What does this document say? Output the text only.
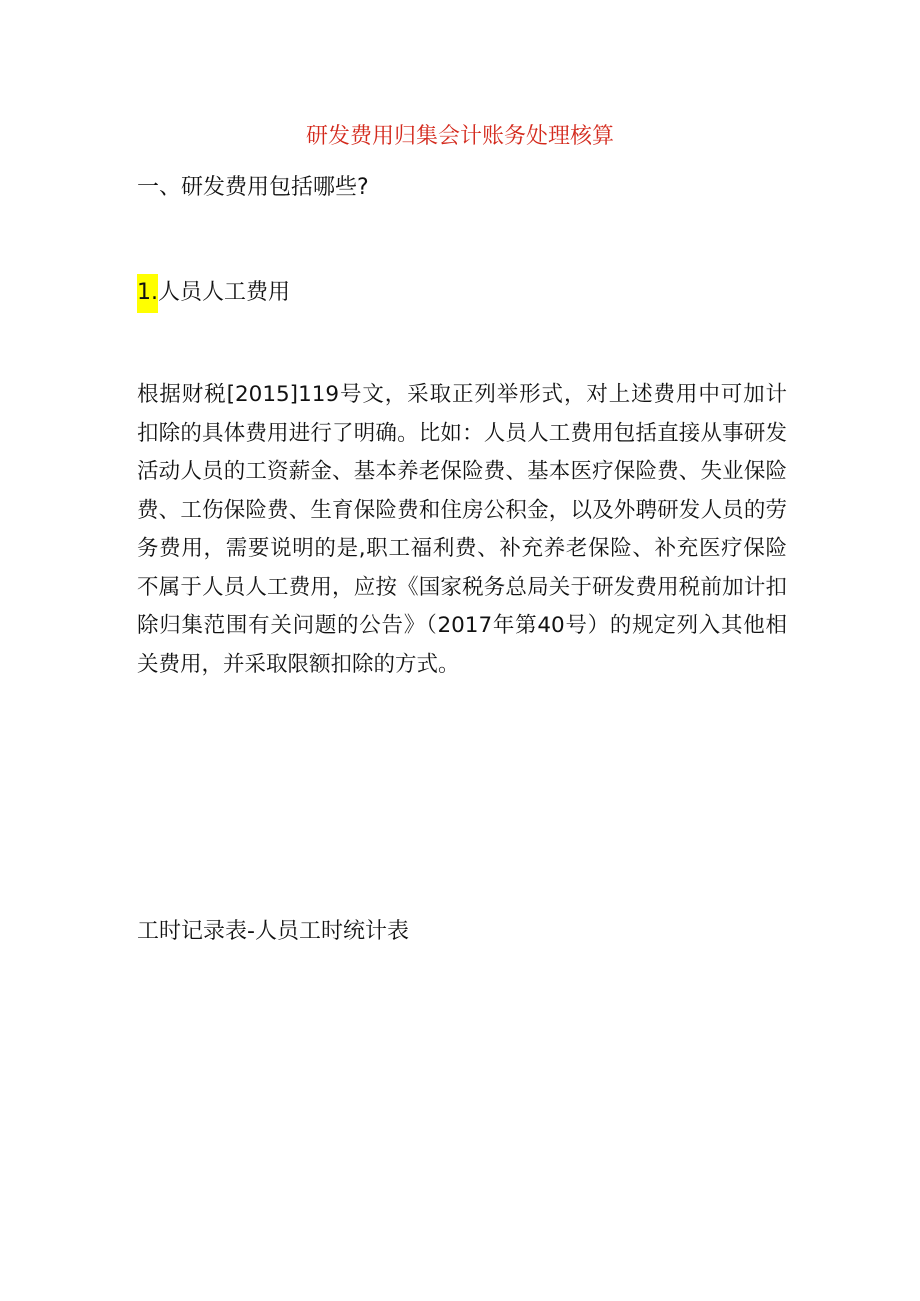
研发费用归集会计账务处理核算
一、研发费用包括哪些?
1.人员人工费用

根据财税[2015]119号文，采取正列举形式，对上述费用中可加计扣除的具体费用进行了明确。比如：人员人工费用包括直接从事研发活动人员的工资薪金、基本养老保险费、基本医疗保险费、失业保险费、工伤保险费、生育保险费和住房公积金，以及外聘研发人员的劳务费用，需要说明的是,职工福利费、补充养老保险、补充医疗保险不属于人员人工费用，应按《国家税务总局关于研发费用税前加计扣除归集范围有关问题的公告》（2017年第40号）的规定列入其他相关费用，并采取限额扣除的方式。

工时记录表-人员工时统计表
